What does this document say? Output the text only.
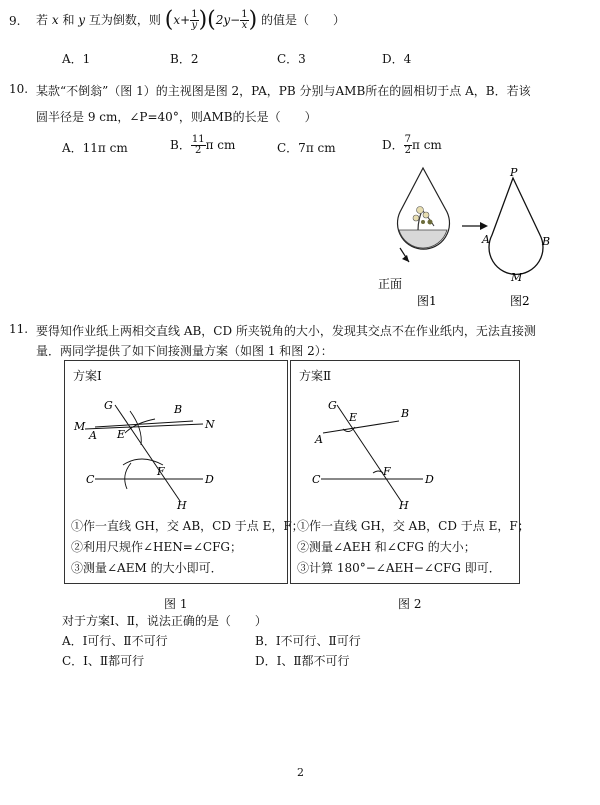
9. 若 x 和 y 互为倒数，则 $(x+ \frac{1}{y} )(2y- \frac{1}{x}$ ) 的值是（　　）
A．1	B．2	C．3	D．4
10. 某款“不倒翁”（图 1）的主视图是图 2，PA，PB 分别与AMB所在的圆相切于点 A，B．若该
圆半径是 9 cm，∠P=40°，则AMB的长是（　　）
A．11π cm	B． $\frac{11}{2}$ π cm	C．7π cm	D． $\frac{7}{2}$ π cm
正面
图1
P
A	B
M
图2
11. 要得知作业纸上两相交直线 AB，CD 所夹锐角的大小，发现其交点不在作业纸内，无法直接测
量．两同学提供了如下间接测量方案（如图 1 和图 2）：
方案Ⅰ
G	B
M	N
A E
C
F
D
H
①作一直线 GH，交 AB，CD 于点 E，F；
②利用尺规作∠HEN=∠CFG；
③测量∠AEM 的大小即可．
方案Ⅱ
G
E	B
A
C
F
D
H
①作一直线 GH，交 AB，CD 于点 E，F；
②测量∠AEH 和∠CFG 的大小；
③计算 180°−∠AEH−∠CFG 即可．
图 1	图 2
对于方案Ⅰ、Ⅱ，说法正确的是（　　）
A．Ⅰ可行、Ⅱ不可行	B．Ⅰ不可行、Ⅱ可行
C．Ⅰ、Ⅱ都可行	D．Ⅰ、Ⅱ都不可行
2
